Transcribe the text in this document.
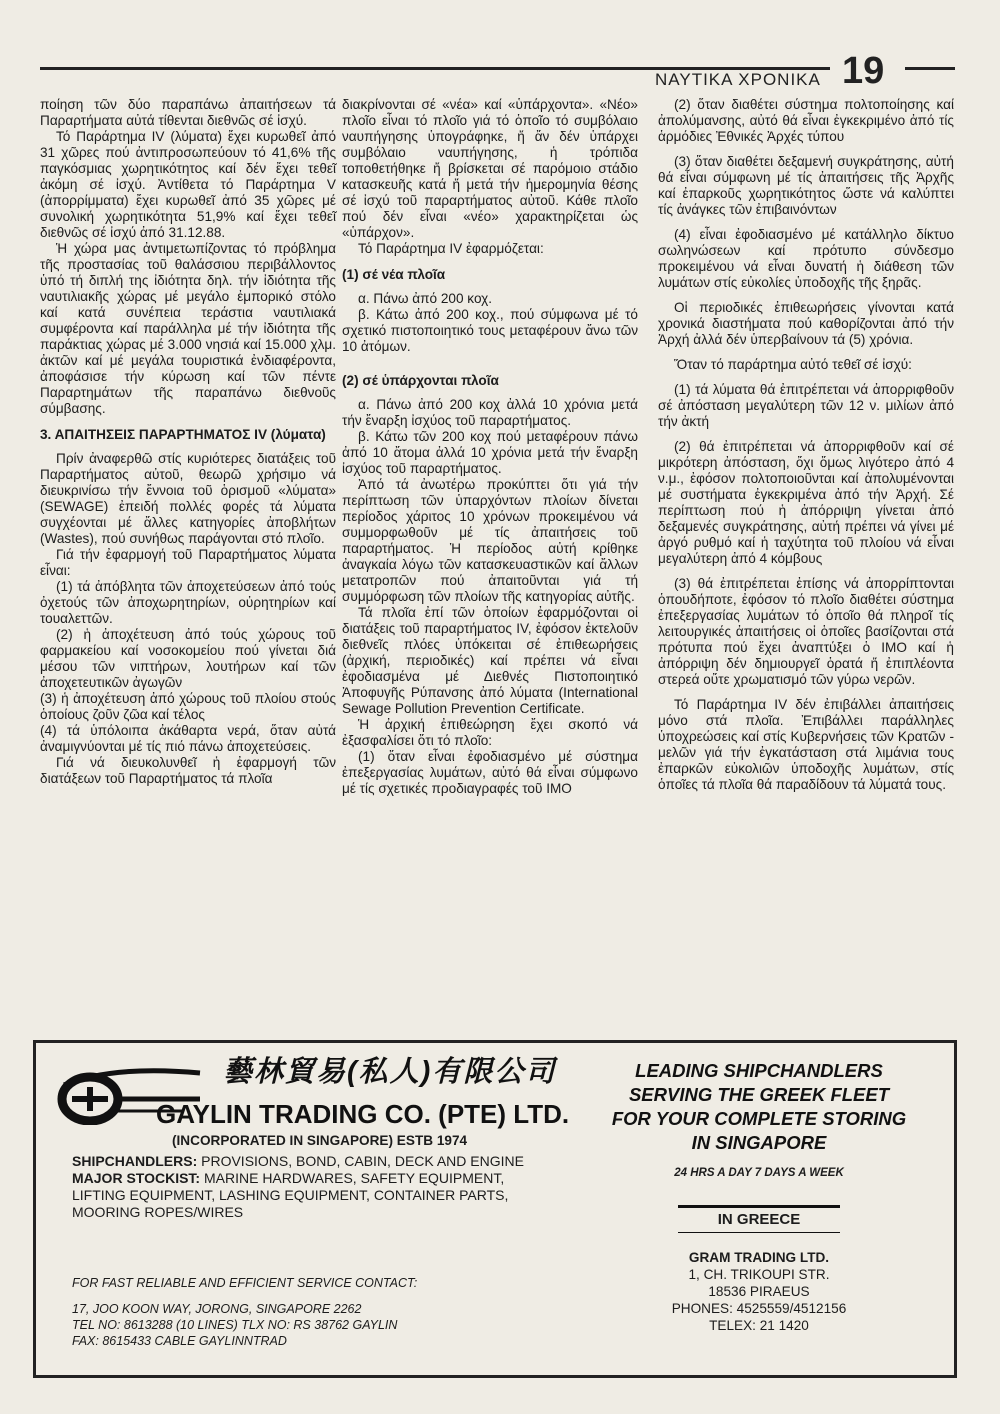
ΝΑΥΤΙΚΑ ΧΡΟΝΙΚΑ 19

ποίηση τῶν δύο παραπάνω ἀπαιτήσεων τά Παραρτήματα αὐτά τίθενται διεθνῶς σέ ἰσχύ.

Τό Παράρτημα IV (λύματα) ἔχει κυρωθεῖ ἀπό 31 χῶρες πού ἀντιπροσωπεύουν τό 41,6% τῆς παγκόσμιας χωρητικότητος καί δέν ἔχει τεθεῖ ἀκόμη σέ ἰσχύ. Ἀντίθετα τό Παράρτημα V (ἀπορρίμματα) ἔχει κυρωθεῖ ἀπό 35 χῶρες μέ συνολική χωρητικότητα 51,9% καί ἔχει τεθεῖ διεθνῶς σέ ἰσχύ ἀπό 31.12.88.

Ἡ χώρα μας ἀντιμετωπίζοντας τό πρόβλημα τῆς προστασίας τοῦ θαλάσσιου περιβάλλοντος ὑπό τή διπλή της ἰδιότητα δηλ. τήν ἰδιότητα τῆς ναυτιλιακῆς χώρας μέ μεγάλο ἐμπορικό στόλο καί κατά συνέπεια τεράστια ναυτιλιακά συμφέροντα καί παράλληλα μέ τήν ἰδιότητα τῆς παράκτιας χώρας μέ 3.000 νησιά καί 15.000 χλμ. ἀκτῶν καί μέ μεγάλα τουριστικά ἐνδιαφέροντα, ἀποφάσισε τήν κύρωση καί τῶν πέντε Παραρτημάτων τῆς παραπάνω διεθνοῦς σύμβασης.

3. ΑΠΑΙΤΗΣΕΙΣ ΠΑΡΑΡΤΗΜΑΤΟΣ IV (λύματα)

Πρίν ἀναφερθῶ στίς κυριότερες διατάξεις τοῦ Παραρτήματος αὐτοῦ, θεωρῶ χρήσιμο νά διευκρινίσω τήν ἔννοια τοῦ ὁρισμοῦ «λύματα» (SEWAGE) ἐπειδή πολλές φορές τά λύματα συγχέονται μέ ἄλλες κατηγορίες ἀποβλήτων (Wastes), πού συνήθως παράγονται στό πλοῖο.

Γιά τήν ἐφαρμογή τοῦ Παραρτήματος λύματα εἶναι:

(1) τά ἀπόβλητα τῶν ἀποχετεύσεων ἀπό τούς ὀχετούς τῶν ἀποχωρητηρίων, οὐρητηρίων καί τουαλεττῶν.

(2) ἡ ἀποχέτευση ἀπό τούς χώρους τοῦ φαρμακείου καί νοσοκομείου πού γίνεται διά μέσου τῶν νιπτήρων, λουτήρων καί τῶν ἀποχετευτικῶν ἀγωγῶν

(3) ἡ ἀποχέτευση ἀπό χώρους τοῦ πλοίου στούς ὁποίους ζοῦν ζῶα καί τέλος

(4) τά ὑπόλοιπα ἀκάθαρτα νερά, ὅταν αὐτά ἀναμιγνύονται μέ τίς πιό πάνω ἀποχετεύσεις.

Γιά νά διευκολυνθεῖ ἡ ἐφαρμογή τῶν διατάξεων τοῦ Παραρτήματος τά πλοῖα

διακρίνονται σέ «νέα» καί «ὑπάρχοντα». «Νέο» πλοῖο εἶναι τό πλοῖο γιά τό ὁποῖο τό συμβόλαιο ναυπήγησης ὑπογράφηκε, ἤ ἄν δέν ὑπάρχει συμβόλαιο ναυπήγησης, ἡ τρόπιδα τοποθετήθηκε ἤ βρίσκεται σέ παρόμοιο στάδιο κατασκευῆς κατά ἤ μετά τήν ἡμερομηνία θέσης σέ ἰσχύ τοῦ παραρτήματος αὐτοῦ. Κάθε πλοῖο πού δέν εἶναι «νέο» χαρακτηρίζεται ὡς «ὑπάρχον».

Τό Παράρτημα IV ἐφαρμόζεται:

(1) σέ νέα πλοῖα

α. Πάνω ἀπό 200 κοχ.

β. Κάτω ἀπό 200 κοχ., πού σύμφωνα μέ τό σχετικό πιστοποιητικό τους μεταφέρουν ἄνω τῶν 10 ἀτόμων.

(2) σέ ὑπάρχονται πλοῖα

α. Πάνω ἀπό 200 κοχ ἀλλά 10 χρόνια μετά τήν ἔναρξη ἰσχύος τοῦ παραρτήματος.

β. Κάτω τῶν 200 κοχ πού μεταφέρουν πάνω ἀπό 10 ἄτομα ἀλλά 10 χρόνια μετά τήν ἔναρξη ἰσχύος τοῦ παραρτήματος.

Ἀπό τά ἀνωτέρω προκύπτει ὅτι γιά τήν περίπτωση τῶν ὑπαρχόντων πλοίων δίνεται περίοδος χάριτος 10 χρόνων προκειμένου νά συμμορφωθοῦν μέ τίς ἀπαιτήσεις τοῦ παραρτήματος. Ἡ περίοδος αὐτή κρίθηκε ἀναγκαία λόγω τῶν κατασκευαστικῶν καί ἄλλων μετατροπῶν πού ἀπαιτοῦνται γιά τή συμμόρφωση τῶν πλοίων τῆς κατηγορίας αὐτῆς.

Τά πλοῖα ἐπί τῶν ὁποίων ἐφαρμόζονται οἱ διατάξεις τοῦ παραρτήματος IV, ἐφόσον ἐκτελοῦν διεθνεῖς πλόες ὑπόκειται σέ ἐπιθεωρήσεις (ἀρχική, περιοδικές) καί πρέπει νά εἶναι ἐφοδιασμένα μέ Διεθνές Πιστοποιητικό Ἀποφυγῆς Ρύπανσης ἀπό λύματα (International Sewage Pollution Prevention Certificate.

Ἡ ἀρχική ἐπιθεώρηση ἔχει σκοπό νά ἐξασφαλίσει ὅτι τό πλοῖο:

(1) ὅταν εἶναι ἐφοδιασμένο μέ σύστημα ἐπεξεργασίας λυμάτων, αὐτό θά εἶναι σύμφωνο μέ τίς σχετικές προδιαγραφές τοῦ IMO

(2) ὅταν διαθέτει σύστημα πολτοποίησης καί ἀπολύμανσης, αὐτό θά εἶναι ἐγκεκριμένο ἀπό τίς ἁρμόδιες Ἐθνικές Ἀρχές τύπου

(3) ὅταν διαθέτει δεξαμενή συγκράτησης, αὐτή θά εἶναι σύμφωνη μέ τίς ἀπαιτήσεις τῆς Ἀρχῆς καί ἐπαρκοῦς χωρητικότητος ὥστε νά καλύπτει τίς ἀνάγκες τῶν ἐπιβαινόντων

(4) εἶναι ἐφοδιασμένο μέ κατάλληλο δίκτυο σωληνώσεων καί πρότυπο σύνδεσμο προκειμένου νά εἶναι δυνατή ἡ διάθεση τῶν λυμάτων στίς εὐκολίες ὑποδοχῆς τῆς ξηρᾶς.

Οἱ περιοδικές ἐπιθεωρήσεις γίνονται κατά χρονικά διαστήματα πού καθορίζονται ἀπό τήν Ἀρχή ἀλλά δέν ὑπερβαίνουν τά (5) χρόνια.

Ὅταν τό παράρτημα αὐτό τεθεῖ σέ ἰσχύ:

(1) τά λύματα θά ἐπιτρέπεται νά ἀπορριφθοῦν σέ ἀπόσταση μεγαλύτερη τῶν 12 ν. μιλίων ἀπό τήν ἀκτή

(2) θά ἐπιτρέπεται νά ἀπορριφθοῦν καί σέ μικρότερη ἀπόσταση, ὄχι ὅμως λιγότερο ἀπό 4 ν.μ., ἐφόσον πολτοποιοῦνται καί ἀπολυμένονται μέ συστήματα ἐγκεκριμένα ἀπό τήν Ἀρχή. Σέ περίπτωση πού ἡ ἀπόρριψη γίνεται ἀπό δεξαμενές συγκράτησης, αὐτή πρέπει νά γίνει μέ ἀργό ρυθμό καί ἡ ταχύτητα τοῦ πλοίου νά εἶναι μεγαλύτερη ἀπό 4 κόμβους

(3) θά ἐπιτρέπεται ἐπίσης νά ἀπορρίπτονται ὁπουδήποτε, ἐφόσον τό πλοῖο διαθέτει σύστημα ἐπεξεργασίας λυμάτων τό ὁποῖο θά πληροῖ τίς λειτουργικές ἀπαιτήσεις οἱ ὁποῖες βασίζονται στά πρότυπα πού ἔχει ἀναπτύξει ὁ IMO καί ἡ ἀπόρριψη δέν δημιουργεῖ ὁρατά ἤ ἐπιπλέοντα στερεά οὔτε χρωματισμό τῶν γύρω νερῶν.

Τό Παράρτημα IV δέν ἐπιβάλλει ἀπαιτήσεις μόνο στά πλοῖα. Ἐπιβάλλει παράλληλες ὑποχρεώσεις καί στίς Κυβερνήσεις τῶν Κρατῶν - μελῶν γιά τήν ἐγκατάσταση στά λιμάνια τους ἐπαρκῶν εὐκολιῶν ὑποδοχῆς λυμάτων, στίς ὁποῖες τά πλοῖα θά παραδίδουν τά λύματά τους.

藝林貿易(私人)有限公司
GAYLIN TRADING CO. (PTE) LTD.
(INCORPORATED IN SINGAPORE) ESTB 1974
SHIPCHANDLERS: PROVISIONS, BOND, CABIN, DECK AND ENGINE
MAJOR STOCKIST: MARINE HARDWARES, SAFETY EQUIPMENT,
LIFTING EQUIPMENT, LASHING EQUIPMENT, CONTAINER PARTS, MOORING ROPES/WIRES
FOR FAST RELIABLE AND EFFICIENT SERVICE CONTACT:
17, JOO KOON WAY, JORONG, SINGAPORE 2262
TEL NO: 8613288 (10 LINES) TLX NO: RS 38762 GAYLIN
FAX: 8615433 CABLE GAYLINNTRAD
LEADING SHIPCHANDLERS
SERVING THE GREEK FLEET
FOR YOUR COMPLETE STORING
IN SINGAPORE
24 HRS A DAY 7 DAYS A WEEK
IN GREECE
GRAM TRADING LTD.
1, CH. TRIKOUPI STR.
18536 PIRAEUS
PHONES: 4525559/4512156
TELEX: 21 1420
